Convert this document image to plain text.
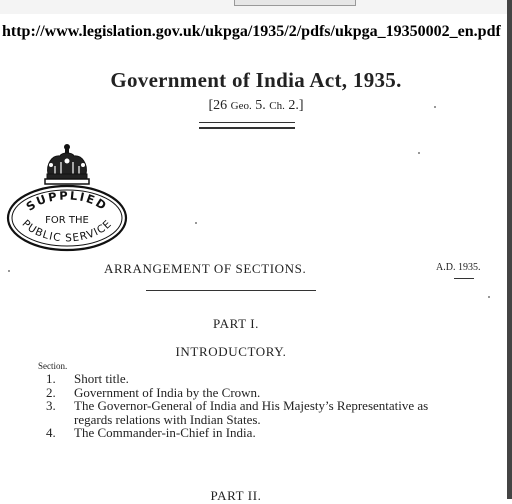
http://www.legislation.gov.uk/ukpga/1935/2/pdfs/ukpga_19350002_en.pdf
Government of India Act, 1935.
[26 Geo. 5. Ch. 2.]
SUPPLIED
FOR THE
PUBLIC SERVICE
ARRANGEMENT OF SECTIONS.	A.D. 1935.
PART I.
INTRODUCTORY.
Section.
1.	Short title.
2.	Government of India by the Crown.
3.	The Governor-General of India and His Majesty’s Representative as regards relations with Indian States.
4.	The Commander-in-Chief in India.
PART II.
